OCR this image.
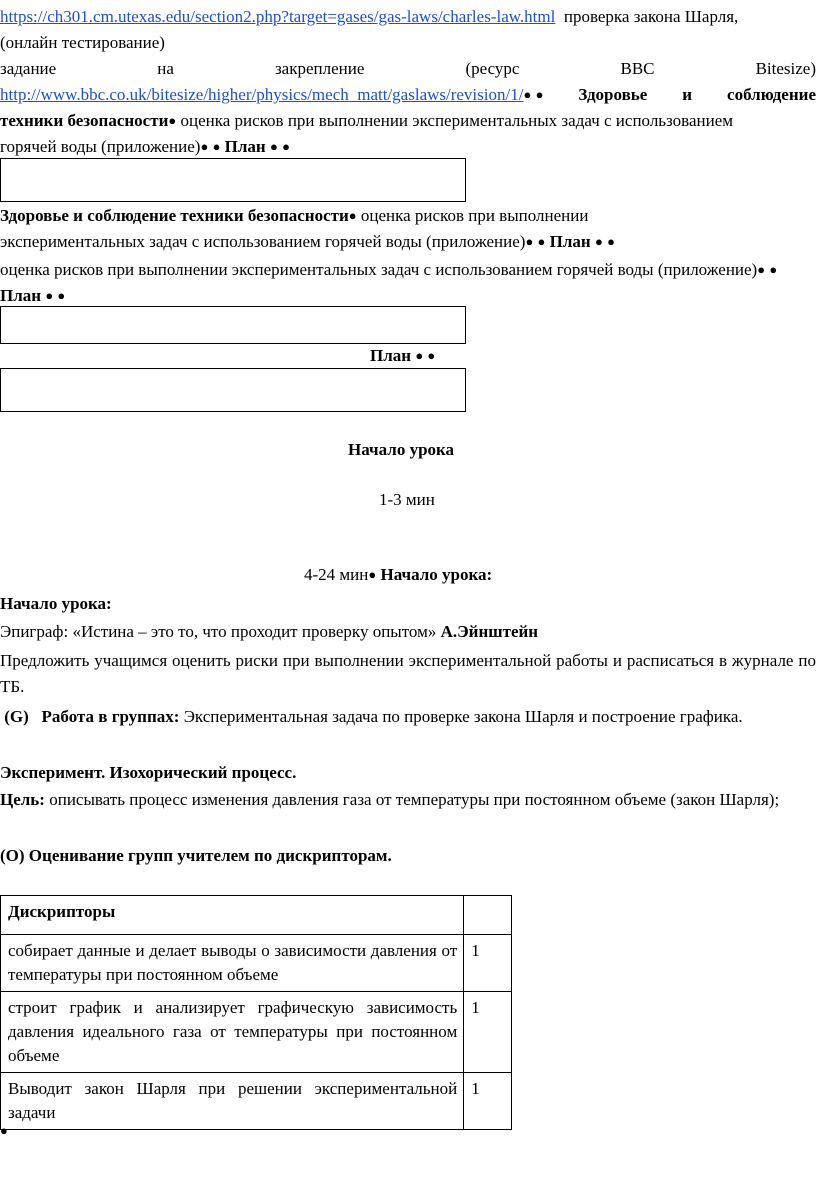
https://ch301.cm.utexas.edu/section2.php?target=gases/gas-laws/charles-law.html проверка закона Шарля,
(онлайн тестирование)
задание	на	закрепление	(ресурс	BBC	Bitesize)
http://www.bbc.co.uk/bitesize/higher/physics/mech_matt/gaslaws/revision/1/● ● Здоровье и соблюдение
техники безопасности● оценка рисков при выполнении экспериментальных задач с использованием
горячей воды (приложение)● ● План ● ●
Здоровье и соблюдение техники безопасности● оценка рисков при выполнении
экспериментальных задач с использованием горячей воды (приложение)● ● План ● ●
оценка рисков при выполнении экспериментальных задач с использованием горячей воды (приложение)● ● План ● ●
План ● ●
Начало урока
1-3 мин
4-24 мин● Начало урока:
Начало урока:
Эпиграф: «Истина – это то, что проходит проверку опытом» А.Эйнштейн
Предложить учащимся оценить риски при выполнении экспериментальной работы и расписаться в журнале по ТБ.
(G) Работа в группах: Экспериментальная задача по проверке закона Шарля и построение графика.
Эксперимент. Изохорический процесс.
Цель: описывать процесс изменения давления газа от температуры при постоянном объеме (закон Шарля);
(О) Оценивание групп учителем по дискрипторам.
Дискрипторы	
собирает данные и делает выводы о зависимости давления от температуры при постоянном объеме	1
строит график и анализирует графическую зависимость давления идеального газа от температуры при постоянном объеме	1
Выводит закон Шарля при решении экспериментальной задачи	1
●
